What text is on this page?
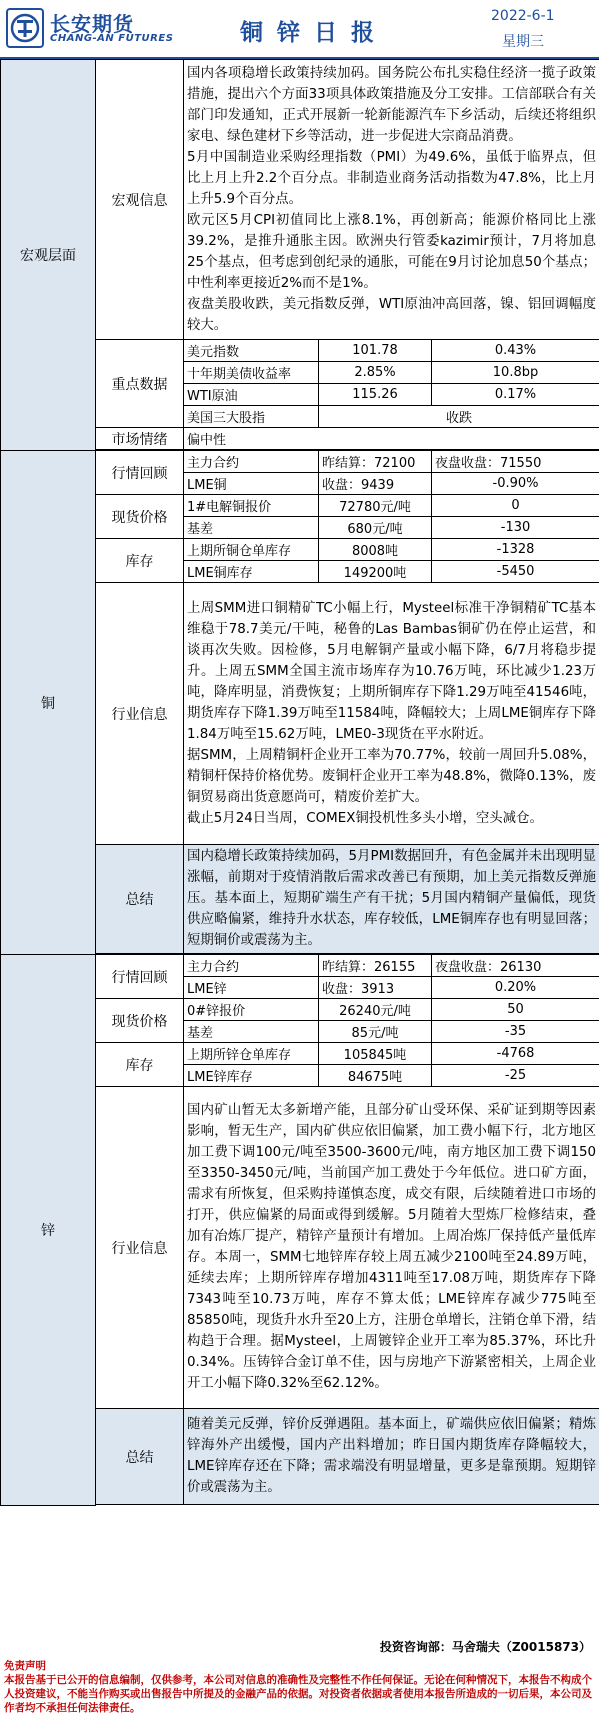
长安期货
CHANG-AN FUTURES	铜锌日报
2022-6-1
星期三
宏观层面	宏观信息	国内各项稳增长政策持续加码。国务院公布扎实稳住经济一揽子政策措施，提出六个方面33项具体政策措施及分工安排。工信部联合有关部门印发通知，正式开展新一轮新能源汽车下乡活动，后续还将组织家电、绿色建材下乡等活动，进一步促进大宗商品消费。
5月中国制造业采购经理指数（PMI）为49.6%，虽低于临界点，但比上月上升2.2个百分点。非制造业商务活动指数为47.8%，比上月上升5.9个百分点。
欧元区5月CPI初值同比上涨8.1%，再创新高；能源价格同比上涨39.2%，是推升通胀主因。欧洲央行管委kazimir预计，7月将加息25个基点，但考虑到创纪录的通胀，可能在9月讨论加息50个基点；中性利率更接近2%而不是1%。
夜盘美股收跌，美元指数反弹，WTI原油冲高回落，镍、铝回调幅度较大。		

	重点数据	美元指数	101.78	0.43%
		十年期美债收益率	2.85%	10.8bp
		WTI原油	115.26	0.17%
		美国三大股指	收跌	
	市场情绪	偏中性		

铜	行情回顾	主力合约	昨结算：72100	夜盘收盘：71550
		LME铜	收盘：9439	-0.90%
	现货价格	1#电解铜报价	72780元/吨	0
		基差	680元/吨	-130
	库存	上期所铜仓单库存	8008吨	-1328
		LME铜库存	149200吨	-5450
	行业信息	上周SMM进口铜精矿TC小幅上行，Mysteel标准干净铜精矿TC基本维稳于78.7美元/干吨，秘鲁的Las Bambas铜矿仍在停止运营，和谈再次失败。因检修，5月电解铜产量或小幅下降，6/7月将稳步提升。上周五SMM全国主流市场库存为10.76万吨，环比减少1.23万吨，降库明显，消费恢复；上期所铜库存下降1.29万吨至41546吨，期货库存下降1.39万吨至11584吨，降幅较大；上周LME铜库存下降1.84万吨至15.62万吨，LME0-3现货在平水附近。
据SMM，上周精铜杆企业开工率为70.77%，较前一周回升5.08%，精铜杆保持价格优势。废铜杆企业开工率为48.8%，微降0.13%，废铜贸易商出货意愿尚可，精废价差扩大。
截止5月24日当周，COMEX铜投机性多头小增，空头减仓。		

	总结	国内稳增长政策持续加码，5月PMI数据回升，有色金属并未出现明显涨幅，前期对于疫情消散后需求改善已有预期，加上美元指数反弹施压。基本面上，短期矿端生产有干扰；5月国内精铜产量偏低，现货供应略偏紧，维持升水状态，库存较低，LME铜库存也有明显回落；短期铜价或震荡为主。		

锌	行情回顾	主力合约	昨结算：26155	夜盘收盘：26130
		LME锌	收盘：3913	0.20%
	现货价格	0#锌报价	26240元/吨	50
		基差	85元/吨	-35
	库存	上期所锌仓单库存	105845吨	-4768
		LME锌库存	84675吨	-25
	行业信息	国内矿山暂无太多新增产能，且部分矿山受环保、采矿证到期等因素影响，暂无生产，国内矿供应依旧偏紧，加工费小幅下行，北方地区加工费下调100元/吨至3500-3600元/吨，南方地区加工费下调150至3350-3450元/吨，当前国产加工费处于今年低位。进口矿方面，需求有所恢复，但采购持谨慎态度，成交有限，后续随着进口市场的打开，供应偏紧的局面或得到缓解。5月随着大型炼厂检修结束，叠加有冶炼厂提产，精锌产量预计有增加。上周冶炼厂保持低产量低库存。本周一，SMM七地锌库存较上周五减少2100吨至24.89万吨，延续去库；上期所锌库存增加4311吨至17.08万吨，期货库存下降7343吨至10.73万吨，库存不算太低；LME锌库存减少775吨至85850吨，现货升水升至20上方，注册仓单增长，注销仓单下滑，结构趋于合理。据Mysteel，上周镀锌企业开工率为85.37%，环比升0.34%。压铸锌合金订单不佳，因与房地产下游紧密相关，上周企业开工小幅下降0.32%至62.12%。		

	总结	随着美元反弹，锌价反弹遇阻。基本面上，矿端供应依旧偏紧；精炼锌海外产出缓慢，国内产出料增加；昨日国内期货库存降幅较大，LME锌库存还在下降；需求端没有明显增量，更多是靠预期。短期锌价或震荡为主。		

投资咨询部：马舍瑞夫（Z0015873）
免责声明
本报告基于已公开的信息编制，仅供参考，本公司对信息的准确性及完整性不作任何保证。无论在何种情况下，本报告不构成个人投资建议，不能当作购买或出售报告中所提及的金融产品的依据。对投资者依据或者使用本报告所造成的一切后果，本公司及作者均不承担任何法律责任。
